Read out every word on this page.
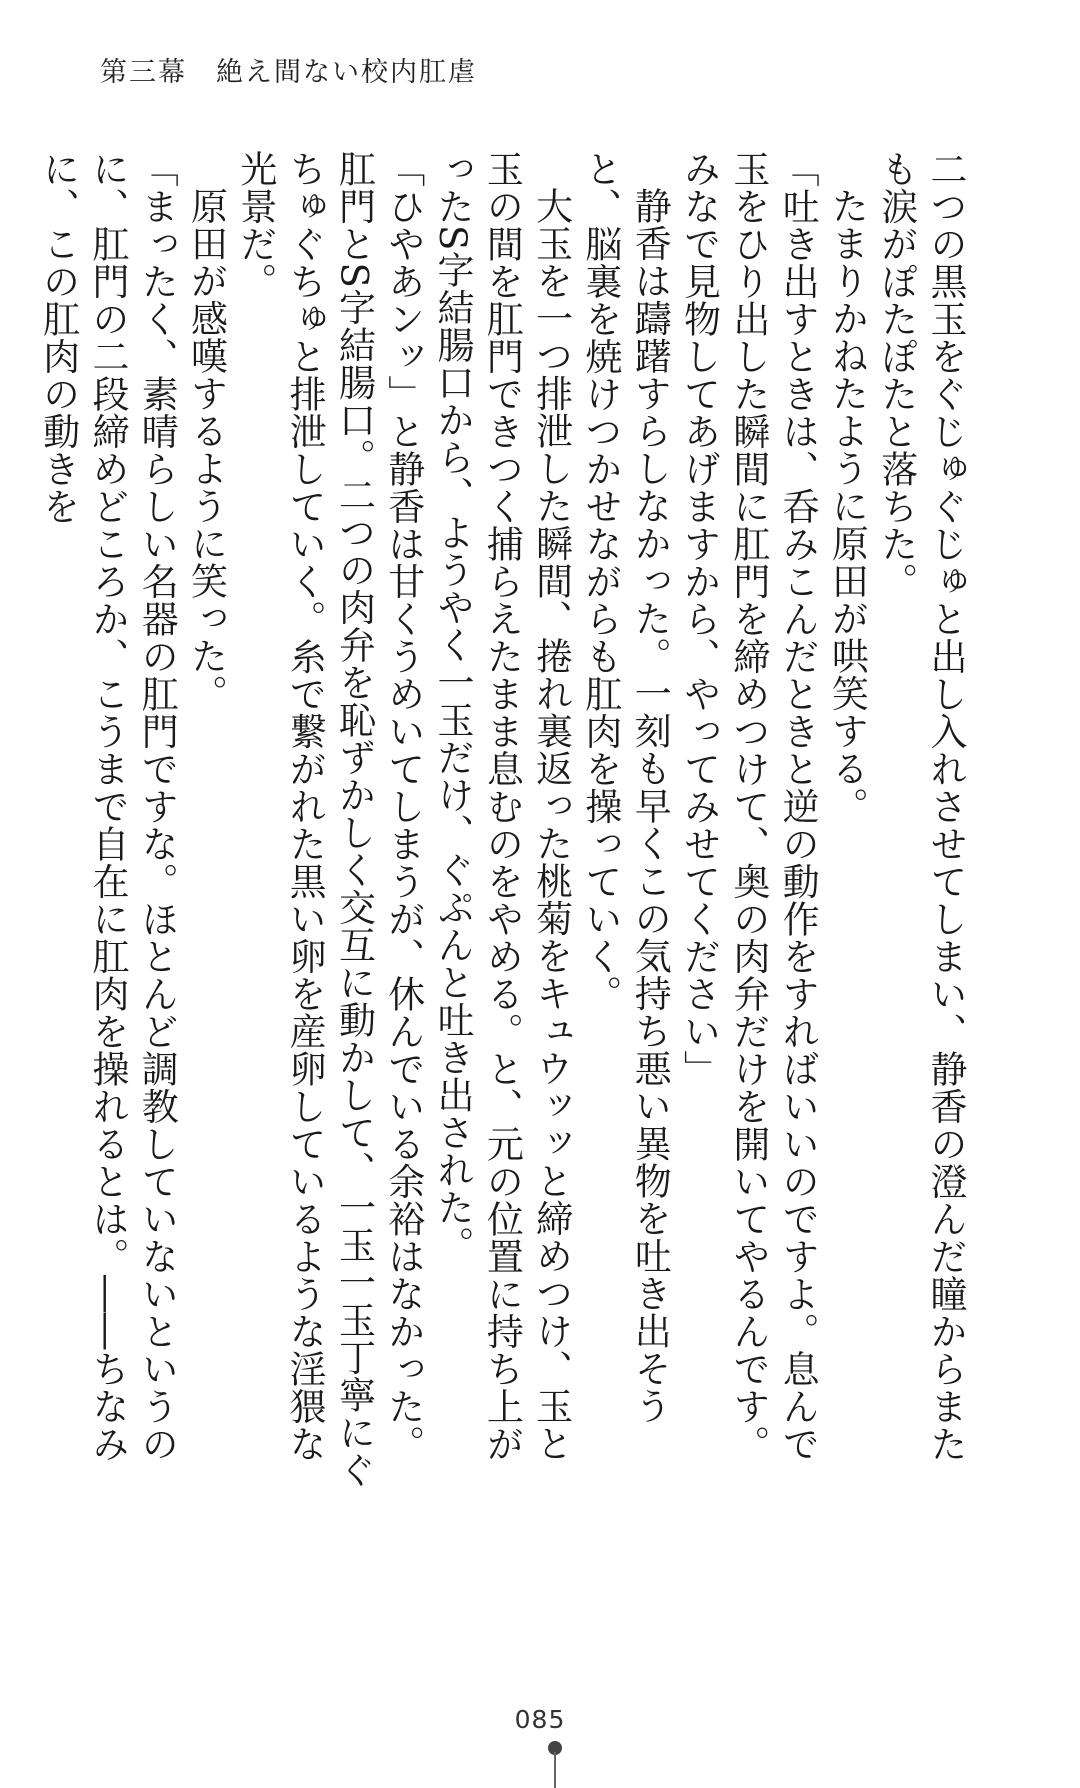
第三幕　絶え間ない校内肛虐

二つの黒玉をぐじゅぐじゅと出し入れさせてしまい、静香の澄んだ瞳からまたも涙がぽたぽたと落ちた。

たまりかねたように原田が哄笑する。

「吐き出すときは、呑みこんだときと逆の動作をすればいいのですよ。息んで玉をひり出した瞬間に肛門を締めつけて、奥の肉弁だけを開いてやるんです。みなで見物してあげますから、やってみせてください」

静香は躊躇すらしなかった。一刻も早くこの気持ち悪い異物を吐き出そうと、脳裏を焼けつかせながらも肛肉を操っていく。

大玉を一つ排泄した瞬間、捲れ裏返った桃菊をキュウッッと締めつけ、玉と玉の間を肛門できつく捕らえたまま息むのをやめる。と、元の位置に持ち上がったS字結腸口から、ようやく一玉だけ、ぐぷんと吐き出された。

「ひやあンッ」と静香は甘くうめいてしまうが、休んでいる余裕はなかった。

肛門とS字結腸口。二つの肉弁を恥ずかしく交互に動かして、一玉一玉丁寧にぐちゅぐちゅと排泄していく。糸で繋がれた黒い卵を産卵しているような淫猥な光景だ。

原田が感嘆するように笑った。

「まったく、素晴らしい名器の肛門ですな。ほとんど調教していないというのに、肛門の二段締めどころか、こうまで自在に肛肉を操れるとは。――ちなみに、この肛肉の動きを

085
